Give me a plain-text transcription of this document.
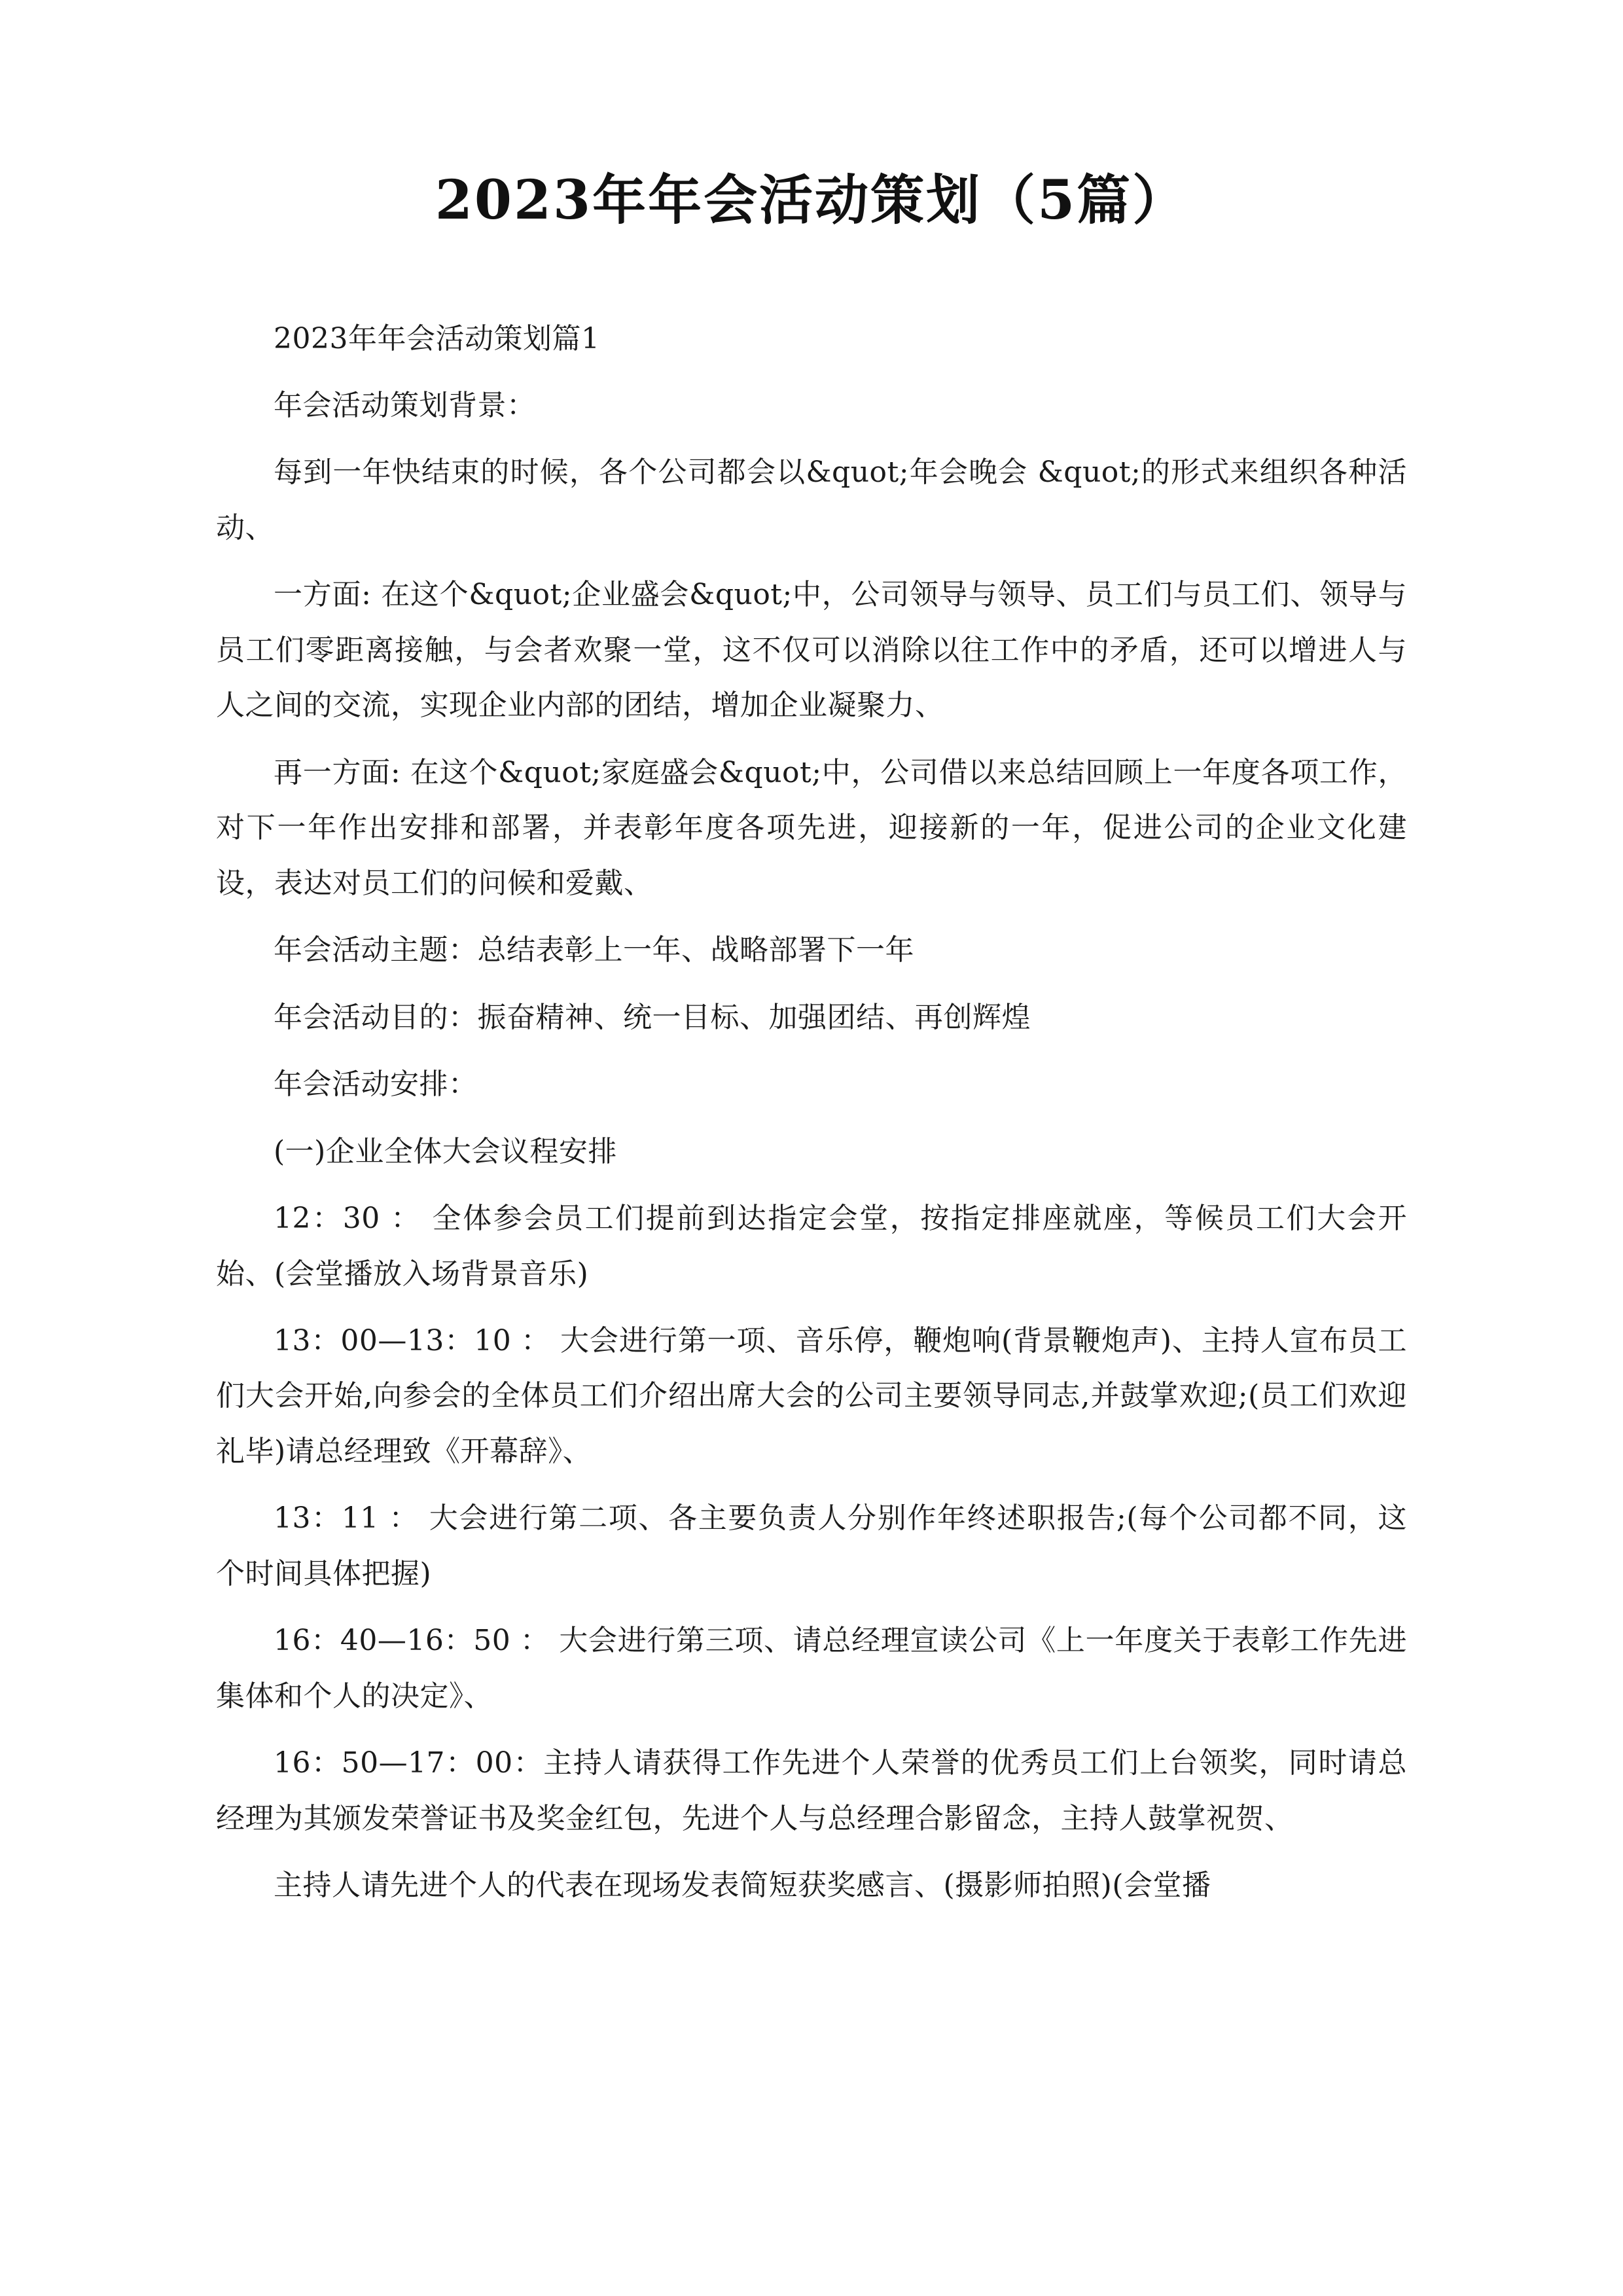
2023年年会活动策划（5篇）

2023年年会活动策划篇1

年会活动策划背景：

每到一年快结束的时候，各个公司都会以&quot;年会晚会 &quot;的形式来组织各种活动、

一方面: 在这个&quot;企业盛会&quot;中，公司领导与领导、员工们与员工们、领导与员工们零距离接触，与会者欢聚一堂，这不仅可以消除以往工作中的矛盾，还可以增进人与人之间的交流，实现企业内部的团结，增加企业凝聚力、

再一方面: 在这个&quot;家庭盛会&quot;中，公司借以来总结回顾上一年度各项工作，对下一年作出安排和部署，并表彰年度各项先进，迎接新的一年，促进公司的企业文化建设，表达对员工们的问候和爱戴、

年会活动主题：总结表彰上一年、战略部署下一年

年会活动目的：振奋精神、统一目标、加强团结、再创辉煌

年会活动安排：

(一)企业全体大会议程安排

12：30 ： 全体参会员工们提前到达指定会堂，按指定排座就座，等候员工们大会开始、(会堂播放入场背景音乐)

13：00—13：10 ： 大会进行第一项、音乐停，鞭炮响(背景鞭炮声)、主持人宣布员工们大会开始,向参会的全体员工们介绍出席大会的公司主要领导同志,并鼓掌欢迎;(员工们欢迎礼毕)请总经理致《开幕辞》、

13：11 ： 大会进行第二项、各主要负责人分别作年终述职报告;(每个公司都不同，这个时间具体把握)

16：40—16：50 ： 大会进行第三项、请总经理宣读公司《上一年度关于表彰工作先进集体和个人的决定》、

16：50—17：00：主持人请获得工作先进个人荣誉的优秀员工们上台领奖，同时请总经理为其颁发荣誉证书及奖金红包，先进个人与总经理合影留念，主持人鼓掌祝贺、

主持人请先进个人的代表在现场发表简短获奖感言、(摄影师拍照)(会堂播
